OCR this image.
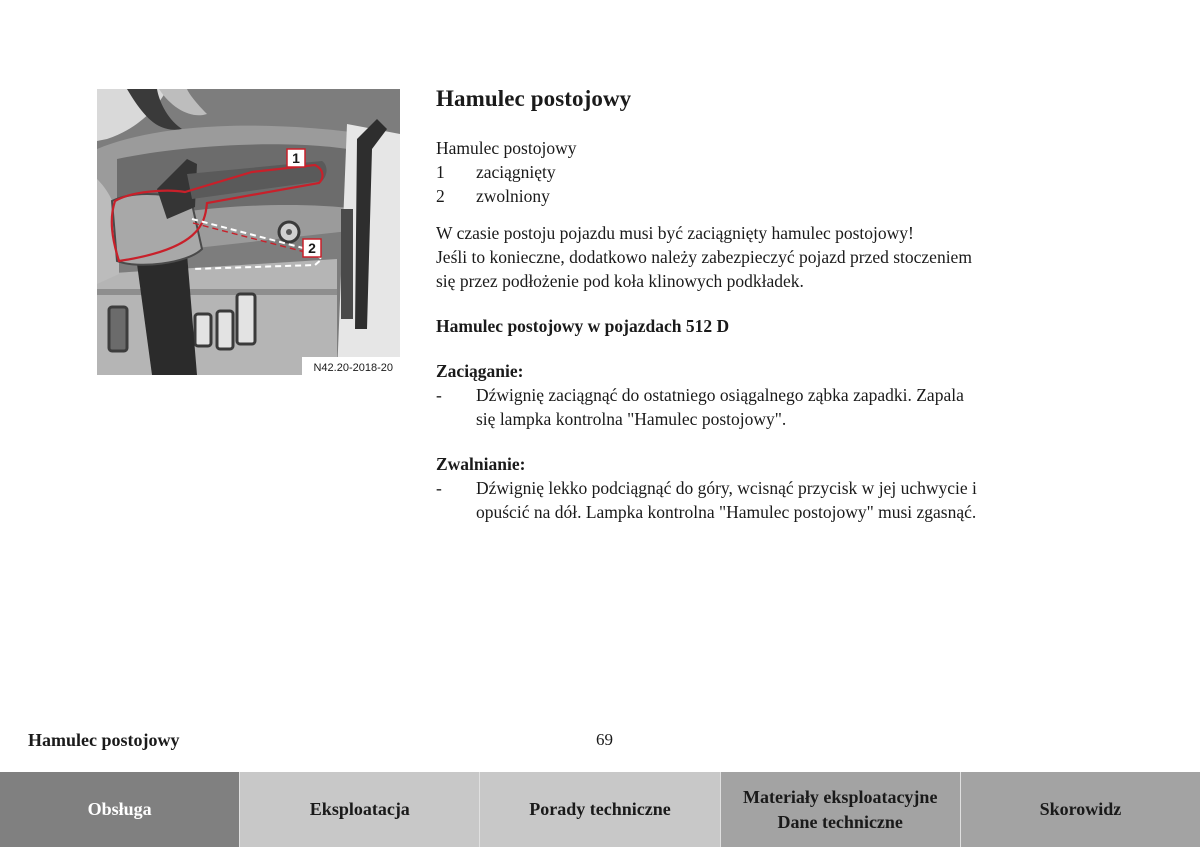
1
2
N42.20-2018-20
Hamulec postojowy
Hamulec postojowy
1	zaciągnięty
2	zwolniony
W czasie postoju pojazdu musi być zaciągnięty hamulec postojowy!
Jeśli to konieczne, dodatkowo należy zabezpieczyć pojazd przed stoczeniem
się przez podłożenie pod koła klinowych podkładek.
Hamulec postojowy w pojazdach 512 D
Zaciąganie:
-	Dźwignię zaciągnąć do ostatniego osiągalnego ząbka zapadki. Zapala
się lampka kontrolna "Hamulec postojowy".
Zwalnianie:
-	Dźwignię lekko podciągnąć do góry, wcisnąć przycisk w jej uchwycie i
opuścić na dół. Lampka kontrolna "Hamulec postojowy" musi zgasnąć.
Hamulec postojowy	69
Obsługa	Eksploatacja	Porady techniczne
Materiały eksploatacyjne
Dane techniczne
Skorowidz
